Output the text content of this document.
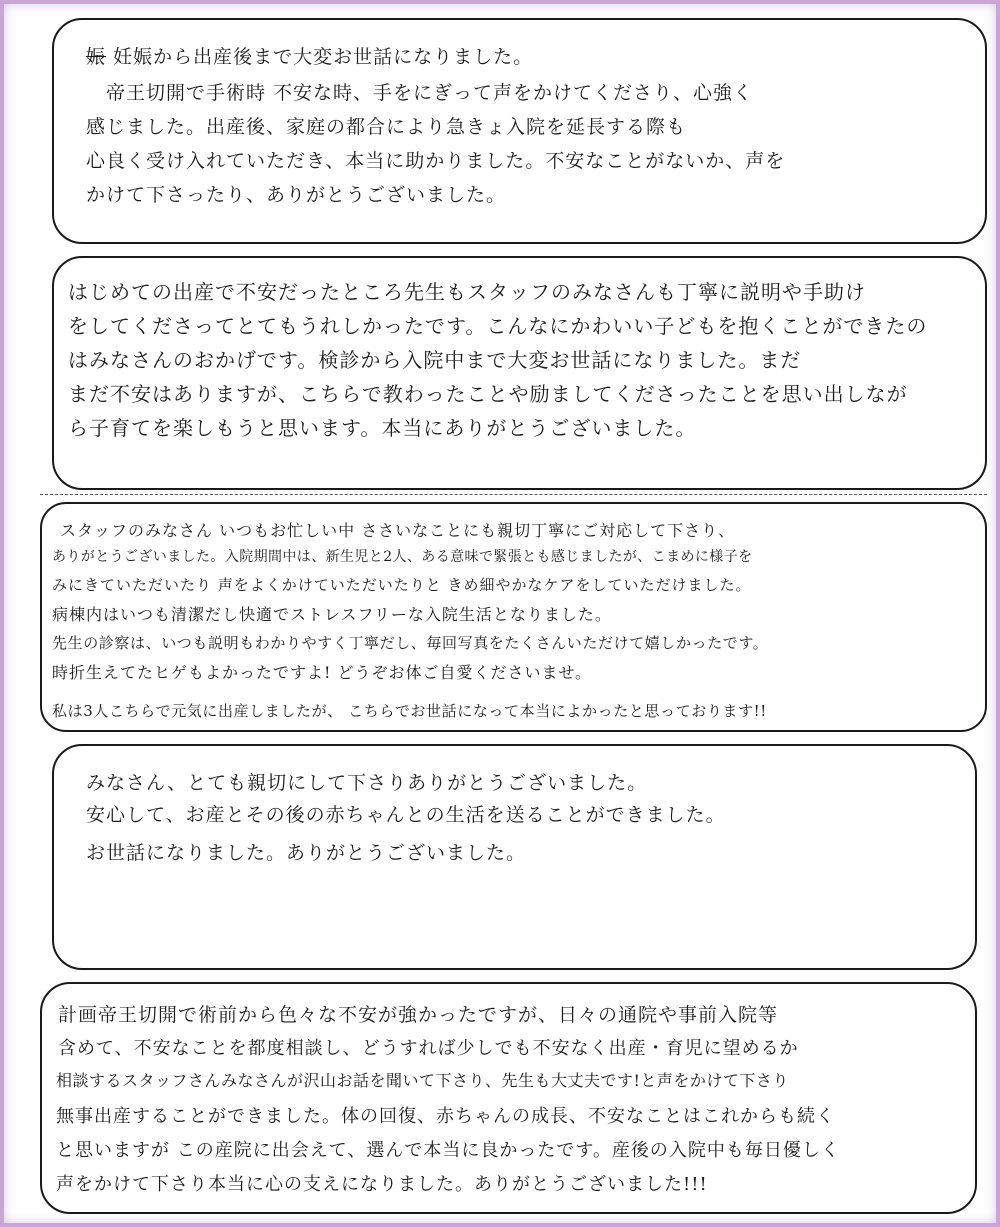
娠 妊娠から出産後まで大変お世話になりました。
帝王切開で手術時 不安な時、手をにぎって声をかけてくださり、心強く
感じました。出産後、家庭の都合により急きょ入院を延長する際も
心良く受け入れていただき、本当に助かりました。不安なことがないか、声を
かけて下さったり、ありがとうございました。
はじめての出産で不安だったところ先生もスタッフのみなさんも丁寧に説明や手助け
をしてくださってとてもうれしかったです。こんなにかわいい子どもを抱くことができたの
はみなさんのおかげです。検診から入院中まで大変お世話になりました。まだ
まだ不安はありますが、こちらで教わったことや励ましてくださったことを思い出しなが
ら子育てを楽しもうと思います。本当にありがとうございました。
スタッフのみなさん いつもお忙しい中 ささいなことにも親切丁寧にご対応して下さり、
ありがとうございました。入院期間中は、新生児と2人、ある意味で緊張とも感じましたが、こまめに様子を
みにきていただいたり 声をよくかけていただいたりと きめ細やかなケアをしていただけました。
病棟内はいつも清潔だし快適でストレスフリーな入院生活となりました。
先生の診察は、いつも説明もわかりやすく丁寧だし、毎回写真をたくさんいただけて嬉しかったです。
時折生えてたヒゲもよかったですよ! どうぞお体ご自愛くださいませ。
私は3人こちらで元気に出産しましたが、 こちらでお世話になって本当によかったと思っております!!
みなさん、とても親切にして下さりありがとうございました。
安心して、お産とその後の赤ちゃんとの生活を送ることができました。
お世話になりました。ありがとうございました。
計画帝王切開で術前から色々な不安が強かったですが、日々の通院や事前入院等
含めて、不安なことを都度相談し、どうすれば少しでも不安なく出産・育児に望めるか
相談するスタッフさんみなさんが沢山お話を聞いて下さり、先生も大丈夫です!と声をかけて下さり
無事出産することができました。体の回復、赤ちゃんの成長、不安なことはこれからも続く
と思いますが この産院に出会えて、選んで本当に良かったです。産後の入院中も毎日優しく
声をかけて下さり本当に心の支えになりました。ありがとうございました!!!
